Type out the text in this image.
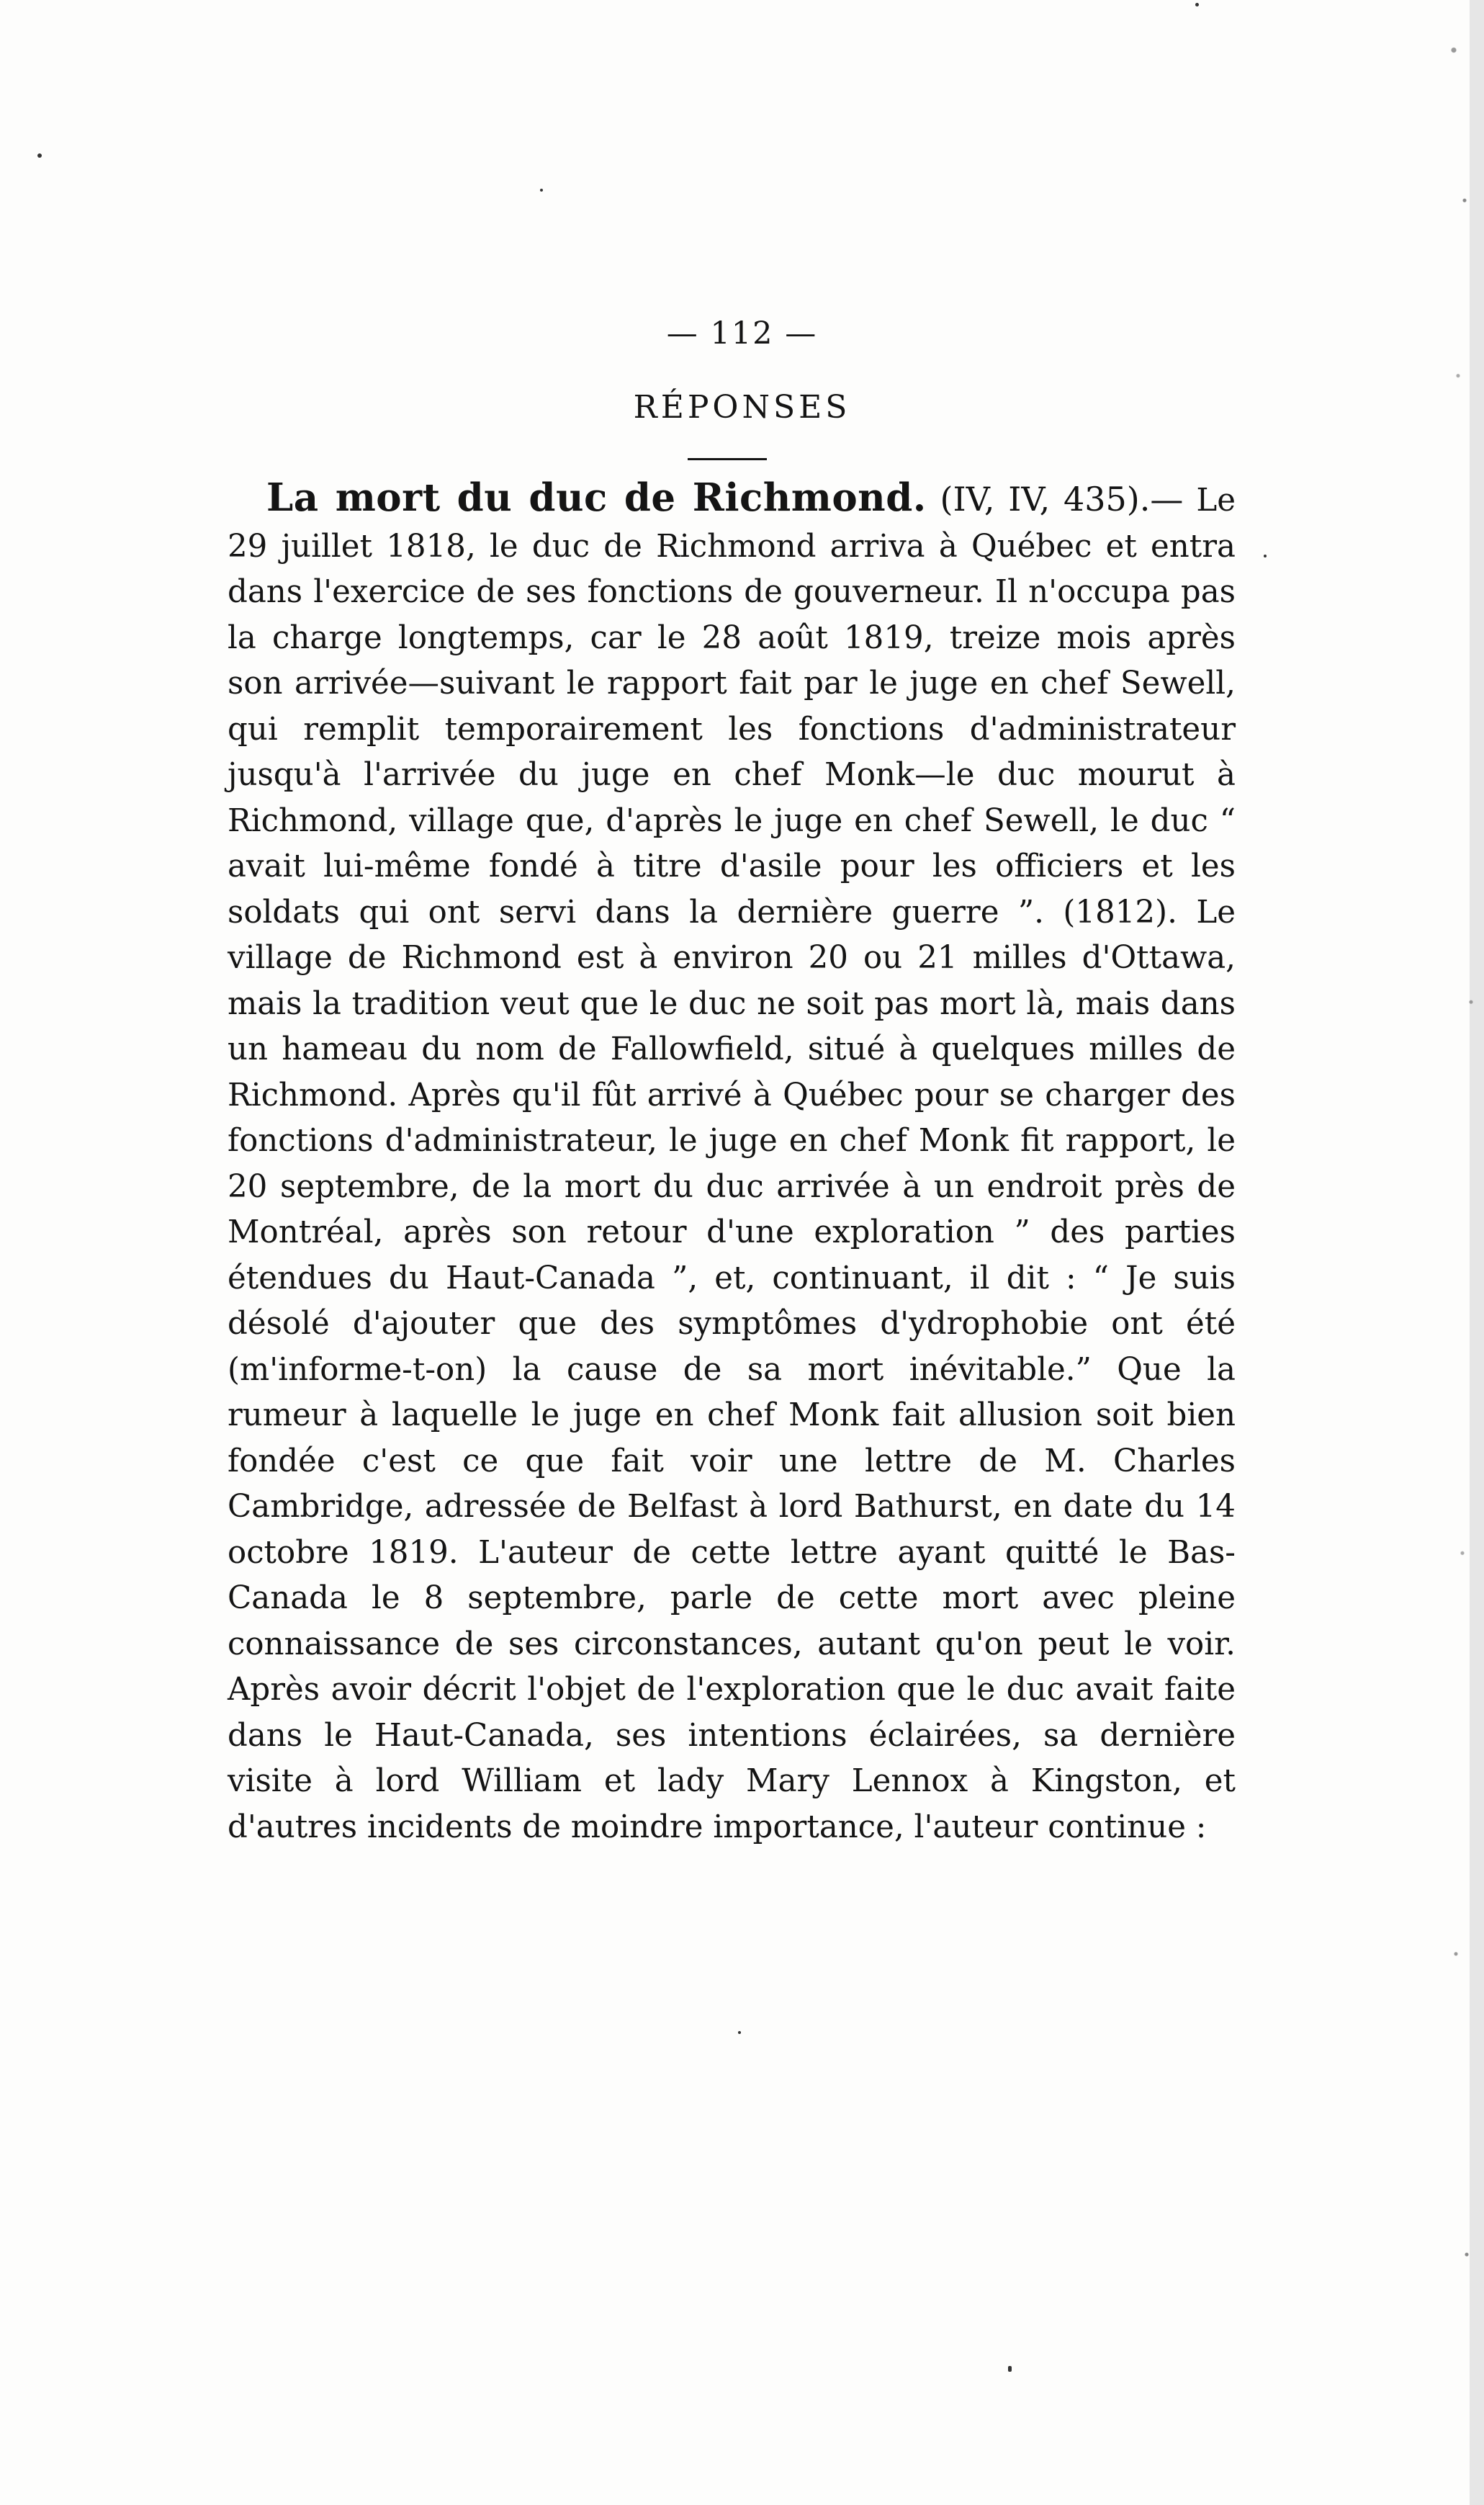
— 112 —
RÉPONSES

La mort du duc de Richmond. (IV, IV, 435).— Le 29 juillet 1818, le duc de Richmond arriva à Québec et entra dans l'exercice de ses fonctions de gouverneur. Il n'occupa pas la charge longtemps, car le 28 août 1819, treize mois après son arrivée—suivant le rapport fait par le juge en chef Sewell, qui remplit temporairement les fonctions d'administrateur jusqu'à l'arrivée du juge en chef Monk—le duc mourut à Richmond, village que, d'après le juge en chef Sewell, le duc “ avait lui-même fondé à titre d'asile pour les officiers et les soldats qui ont servi dans la dernière guerre ”. (1812). Le village de Richmond est à environ 20 ou 21 milles d'Ottawa, mais la tradition veut que le duc ne soit pas mort là, mais dans un hameau du nom de Fallowfield, situé à quelques milles de Richmond. Après qu'il fût arrivé à Québec pour se charger des fonctions d'administrateur, le juge en chef Monk fit rapport, le 20 septembre, de la mort du duc arrivée à un endroit près de Montréal, après son retour d'une exploration ” des parties étendues du Haut-Canada ”, et, continuant, il dit : “ Je suis désolé d'ajouter que des symptômes d'ydrophobie ont été (m'informe-t-on) la cause de sa mort inévitable.” Que la rumeur à laquelle le juge en chef Monk fait allusion soit bien fondée c'est ce que fait voir une lettre de M. Charles Cambridge, adressée de Belfast à lord Bathurst, en date du 14 octobre 1819. L'auteur de cette lettre ayant quitté le Bas-Canada le 8 septembre, parle de cette mort avec pleine connaissance de ses circonstances, autant qu'on peut le voir. Après avoir décrit l'objet de l'exploration que le duc avait faite dans le Haut-Canada, ses intentions éclairées, sa dernière visite à lord William et lady Mary Lennox à Kingston, et d'autres incidents de moindre importance, l'auteur continue :
